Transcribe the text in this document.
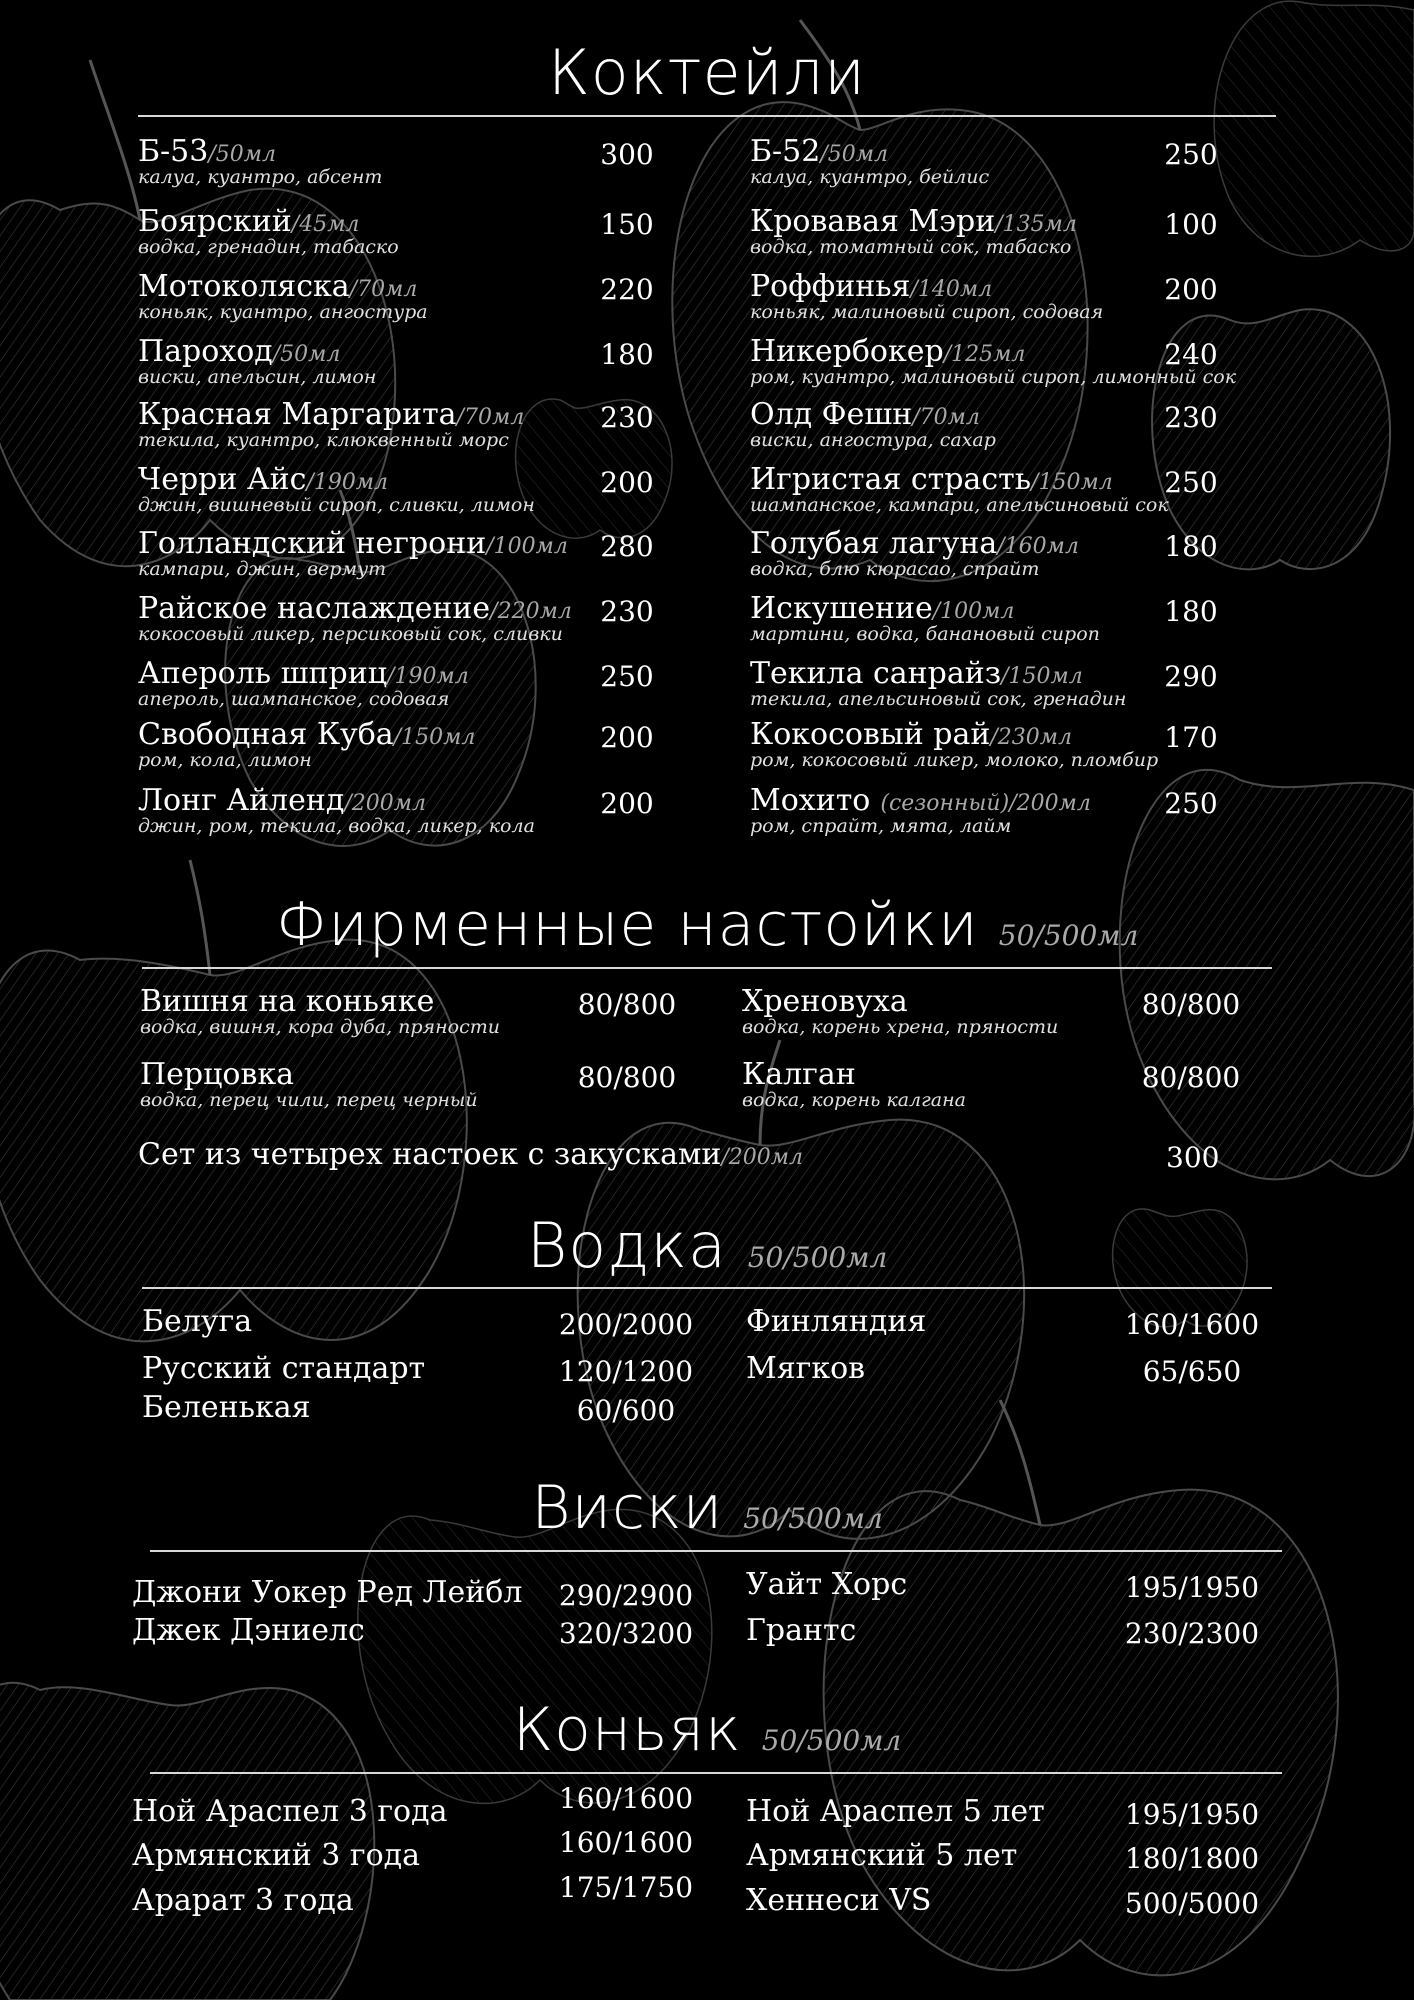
Коктейли
Б-53/50мл
калуа, куантро, абсент
300
Боярский/45мл
водка, гренадин, табаско
150
Мотоколяска/70мл
коньяк, куантро, ангостура
220
Пароход/50мл
виски, апельсин, лимон
180
Красная Маргарита/70мл
текила, куантро, клюквенный морс
230
Черри Айс/190мл
джин, вишневый сироп, сливки, лимон
200
Голландский негрони/100мл
кампари, джин, вермут
280
Райское наслаждение/220мл
кокосовый ликер, персиковый сок, сливки
230
Апероль шприц/190мл
апероль, шампанское, содовая
250
Свободная Куба/150мл
ром, кола, лимон
200
Лонг Айленд/200мл
джин, ром, текила, водка, ликер, кола
200
Б-52/50мл
калуа, куантро, бейлис
250
Кровавая Мэри/135мл
водка, томатный сок, табаско
100
Роффинья/140мл
коньяк, малиновый сироп, содовая
200
Никербокер/125мл
ром, куантро, малиновый сироп, лимонный сок
240
Олд Фешн/70мл
виски, ангостура, сахар
230
Игристая страсть/150мл
шампанское, кампари, апельсиновый сок
250
Голубая лагуна/160мл
водка, блю кюрасао, спрайт
180
Искушение/100мл
мартини, водка, банановый сироп
180
Текила санрайз/150мл
текила, апельсиновый сок, гренадин
290
Кокосовый рай/230мл
ром, кокосовый ликер, молоко, пломбир
170
Мохито (сезонный)/200мл
ром, спрайт, мята, лайм
250
Фирменные настойки 50/500мл
Вишня на коньяке
водка, вишня, кора дуба, пряности
80/800
Перцовка
водка, перец чили, перец черный
80/800
Хреновуха
водка, корень хрена, пряности
80/800
Калган
водка, корень калгана
80/800
Сет из четырех настоек с закусками/200мл	300
Водка 50/500мл
Белуга	200/2000
Русский стандарт	120/1200
Беленькая	60/600
Финляндия	160/1600
Мягков	65/650
Виски 50/500мл
Джони Уокер Ред Лейбл 290/2900
Джек Дэниелс	320/3200
Уайт Хорс	195/1950
Грантс	230/2300
Коньяк 50/500мл
Ной Араспел 3 года	160/1600
Армянский 3 года	160/1600
Арарат 3 года	175/1750
Ной Араспел 5 лет	195/1950
Армянский 5 лет	180/1800
Хеннеси VS	500/5000
